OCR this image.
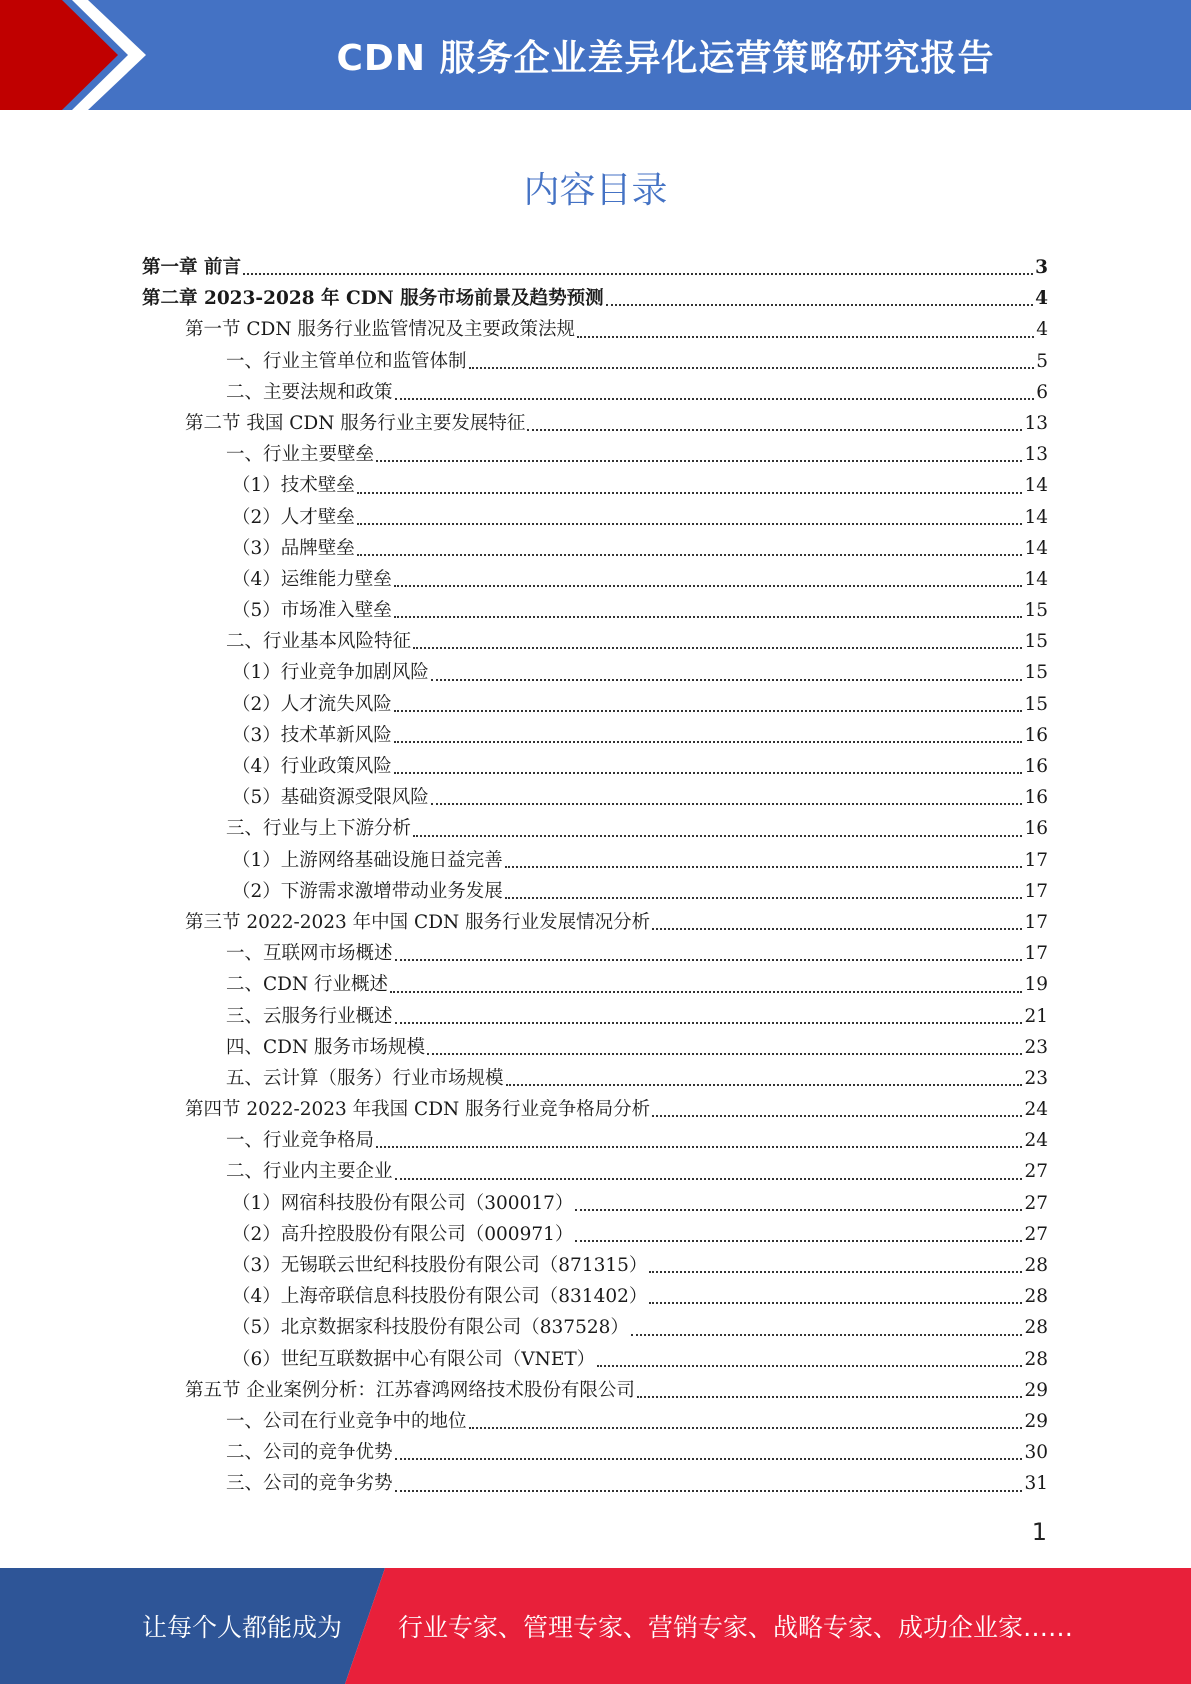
CDN 服务企业差异化运营策略研究报告
内容目录
第一章 前言	3
第二章 2023-2028 年 CDN 服务市场前景及趋势预测	4
第一节 CDN 服务行业监管情况及主要政策法规	4
一、行业主管单位和监管体制	5
二、主要法规和政策	6
第二节 我国 CDN 服务行业主要发展特征	13
一、行业主要壁垒	13
（1）技术壁垒	14
（2）人才壁垒	14
（3）品牌壁垒	14
（4）运维能力壁垒	14
（5）市场准入壁垒	15
二、行业基本风险特征	15
（1）行业竞争加剧风险	15
（2）人才流失风险	15
（3）技术革新风险	16
（4）行业政策风险	16
（5）基础资源受限风险	16
三、行业与上下游分析	16
（1）上游网络基础设施日益完善	17
（2）下游需求激增带动业务发展	17
第三节 2022-2023 年中国 CDN 服务行业发展情况分析	17
一、互联网市场概述	17
二、CDN 行业概述	19
三、云服务行业概述	21
四、CDN 服务市场规模	23
五、云计算（服务）行业市场规模	23
第四节 2022-2023 年我国 CDN 服务行业竞争格局分析	24
一、行业竞争格局	24
二、行业内主要企业	27
（1）网宿科技股份有限公司（300017）	27
（2）高升控股股份有限公司（000971）	27
（3）无锡联云世纪科技股份有限公司（871315）	28
（4）上海帝联信息科技股份有限公司（831402）	28
（5）北京数据家科技股份有限公司（837528）	28
（6）世纪互联数据中心有限公司（VNET）	28
第五节 企业案例分析：江苏睿鸿网络技术股份有限公司	29
一、公司在行业竞争中的地位	29
二、公司的竞争优势	30
三、公司的竞争劣势	31
1
让每个人都能成为 行业专家、管理专家、营销专家、战略专家、成功企业家……
